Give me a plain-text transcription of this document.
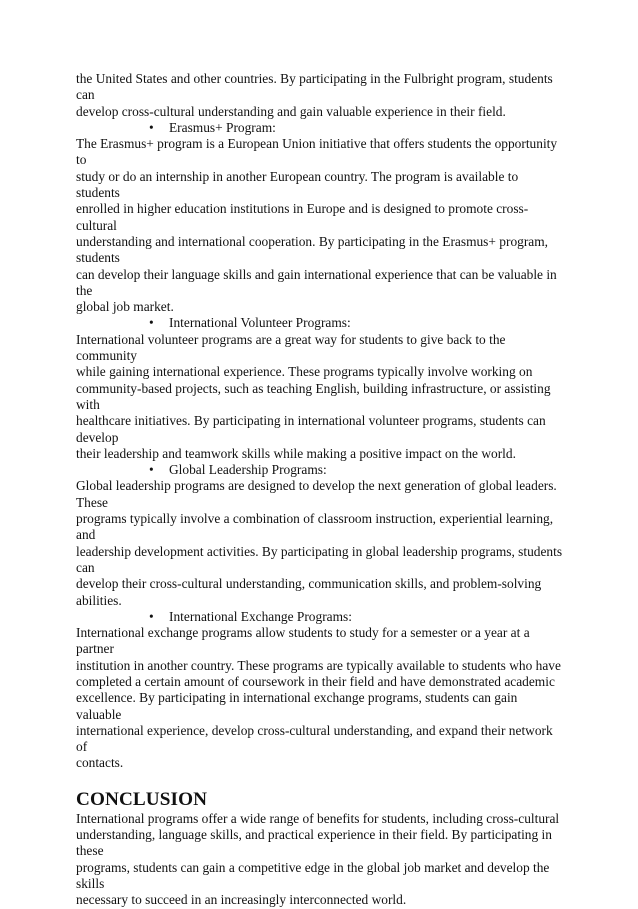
the United States and other countries. By participating in the Fulbright program, students can
develop cross-cultural understanding and gain valuable experience in their field.

•	Erasmus+ Program:

The Erasmus+ program is a European Union initiative that offers students the opportunity to
study or do an internship in another European country. The program is available to students
enrolled in higher education institutions in Europe and is designed to promote cross-cultural
understanding and international cooperation. By participating in the Erasmus+ program, students
can develop their language skills and gain international experience that can be valuable in the
global job market.

•	International Volunteer Programs:

International volunteer programs are a great way for students to give back to the community
while gaining international experience. These programs typically involve working on
community-based projects, such as teaching English, building infrastructure, or assisting with
healthcare initiatives. By participating in international volunteer programs, students can develop
their leadership and teamwork skills while making a positive impact on the world.

•	Global Leadership Programs:

Global leadership programs are designed to develop the next generation of global leaders. These
programs typically involve a combination of classroom instruction, experiential learning, and
leadership development activities. By participating in global leadership programs, students can
develop their cross-cultural understanding, communication skills, and problem-solving abilities.

•	International Exchange Programs:

International exchange programs allow students to study for a semester or a year at a partner
institution in another country. These programs are typically available to students who have
completed a certain amount of coursework in their field and have demonstrated academic
excellence. By participating in international exchange programs, students can gain valuable
international experience, develop cross-cultural understanding, and expand their network of
contacts.

CONCLUSION

International programs offer a wide range of benefits for students, including cross-cultural
understanding, language skills, and practical experience in their field. By participating in these
programs, students can gain a competitive edge in the global job market and develop the skills
necessary to succeed in an increasingly interconnected world.
